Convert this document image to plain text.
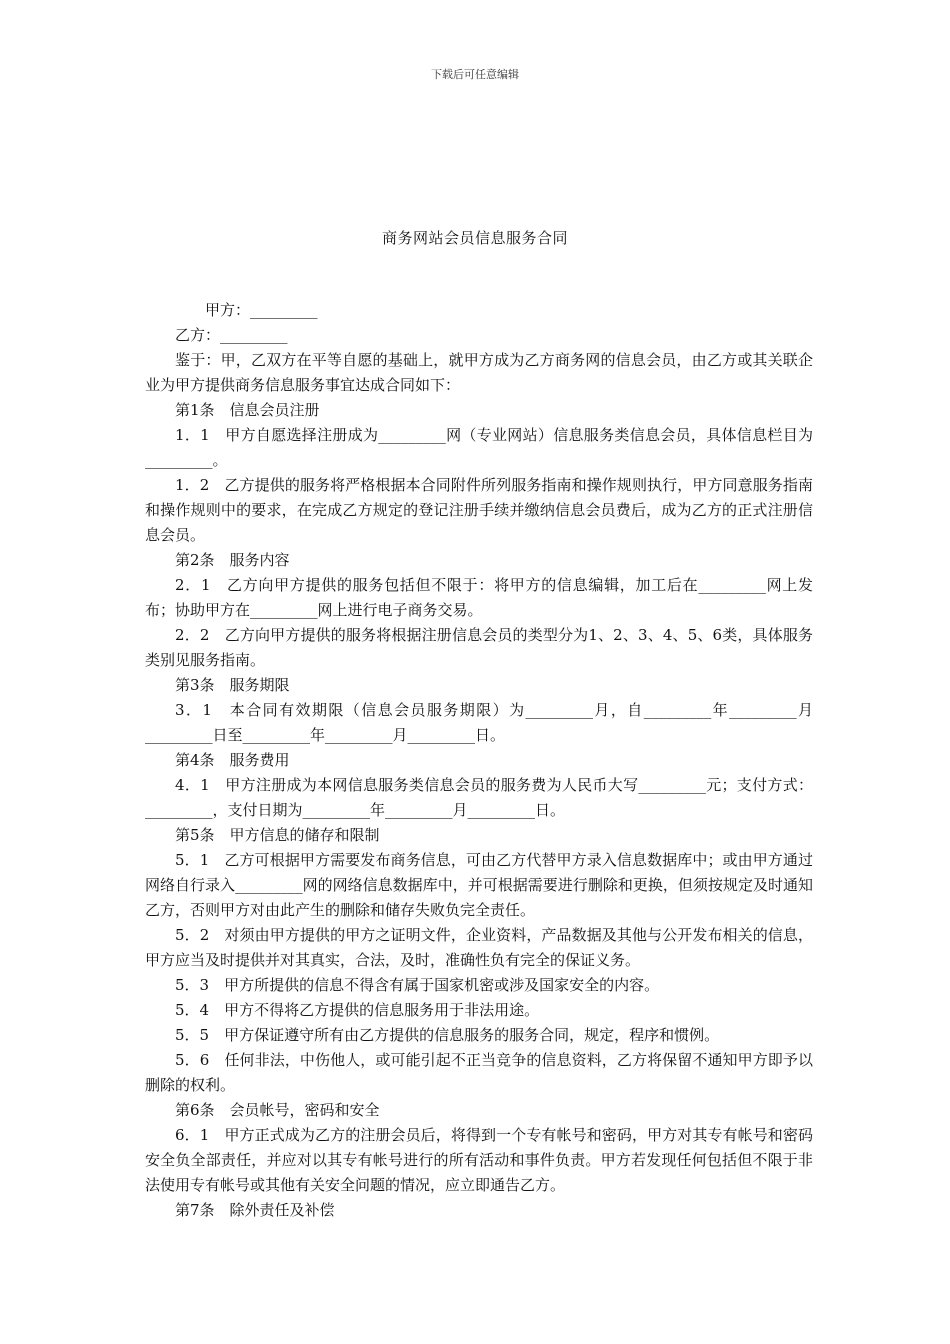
下载后可任意编辑
商务网站会员信息服务合同

甲方：_________

乙方：_________

鉴于：甲，乙双方在平等自愿的基础上，就甲方成为乙方商务网的信息会员，由乙方或其关联企业为甲方提供商务信息服务事宜达成合同如下：

第1条　信息会员注册

1．1　甲方自愿选择注册成为_________网（专业网站）信息服务类信息会员，具体信息栏目为_________。

1．2　乙方提供的服务将严格根据本合同附件所列服务指南和操作规则执行，甲方同意服务指南和操作规则中的要求，在完成乙方规定的登记注册手续并缴纳信息会员费后，成为乙方的正式注册信息会员。

第2条　服务内容

2．1　乙方向甲方提供的服务包括但不限于：将甲方的信息编辑，加工后在_________网上发布；协助甲方在_________网上进行电子商务交易。

2．2　乙方向甲方提供的服务将根据注册信息会员的类型分为1、2、3、4、5、6类，具体服务类别见服务指南。

第3条　服务期限

3．1　本合同有效期限（信息会员服务期限）为_________月，自_________年_________月_________日至_________年_________月_________日。

第4条　服务费用

4．1　甲方注册成为本网信息服务类信息会员的服务费为人民币大写_________元；支付方式：_________，支付日期为_________年_________月_________日。

第5条　甲方信息的储存和限制

5．1　乙方可根据甲方需要发布商务信息，可由乙方代替甲方录入信息数据库中；或由甲方通过网络自行录入_________网的网络信息数据库中，并可根据需要进行删除和更换，但须按规定及时通知乙方，否则甲方对由此产生的删除和储存失败负完全责任。

5．2　对须由甲方提供的甲方之证明文件，企业资料，产品数据及其他与公开发布相关的信息，甲方应当及时提供并对其真实，合法，及时，准确性负有完全的保证义务。

5．3　甲方所提供的信息不得含有属于国家机密或涉及国家安全的内容。

5．4　甲方不得将乙方提供的信息服务用于非法用途。

5．5　甲方保证遵守所有由乙方提供的信息服务的服务合同，规定，程序和惯例。

5．6　任何非法，中伤他人，或可能引起不正当竞争的信息资料，乙方将保留不通知甲方即予以删除的权利。

第6条　会员帐号，密码和安全

6．1　甲方正式成为乙方的注册会员后，将得到一个专有帐号和密码，甲方对其专有帐号和密码安全负全部责任，并应对以其专有帐号进行的所有活动和事件负责。甲方若发现任何包括但不限于非法使用专有帐号或其他有关安全问题的情况，应立即通告乙方。

第7条　除外责任及补偿
